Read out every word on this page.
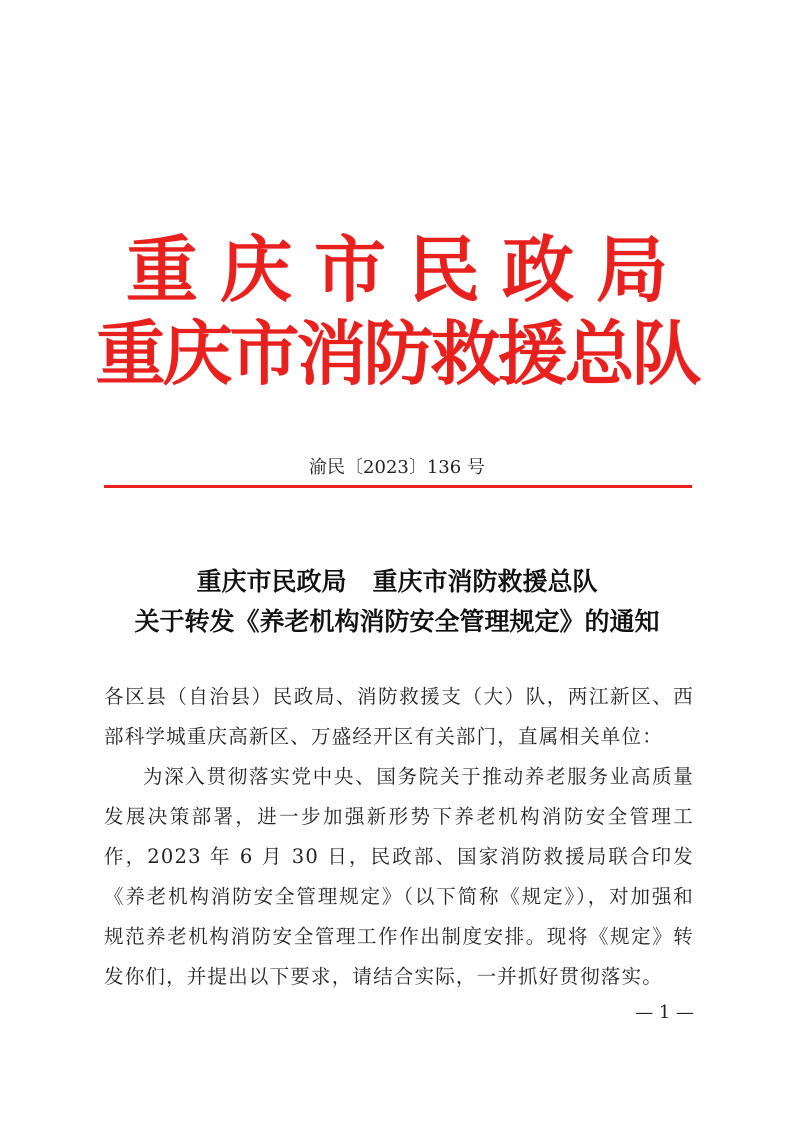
重庆市民政局
重庆市消防救援总队
渝民〔2023〕136 号
重庆市民政局 重庆市消防救援总队
关于转发《养老机构消防安全管理规定》的通知

各区县（自治县）民政局、消防救援支（大）队，两江新区、西部科学城重庆高新区、万盛经开区有关部门，直属相关单位：

为深入贯彻落实党中央、国务院关于推动养老服务业高质量发展决策部署，进一步加强新形势下养老机构消防安全管理工作，2023 年 6 月 30 日，民政部、国家消防救援局联合印发《养老机构消防安全管理规定》（以下简称《规定》），对加强和规范养老机构消防安全管理工作作出制度安排。现将《规定》转发你们，并提出以下要求，请结合实际，一并抓好贯彻落实。

— 1 —
